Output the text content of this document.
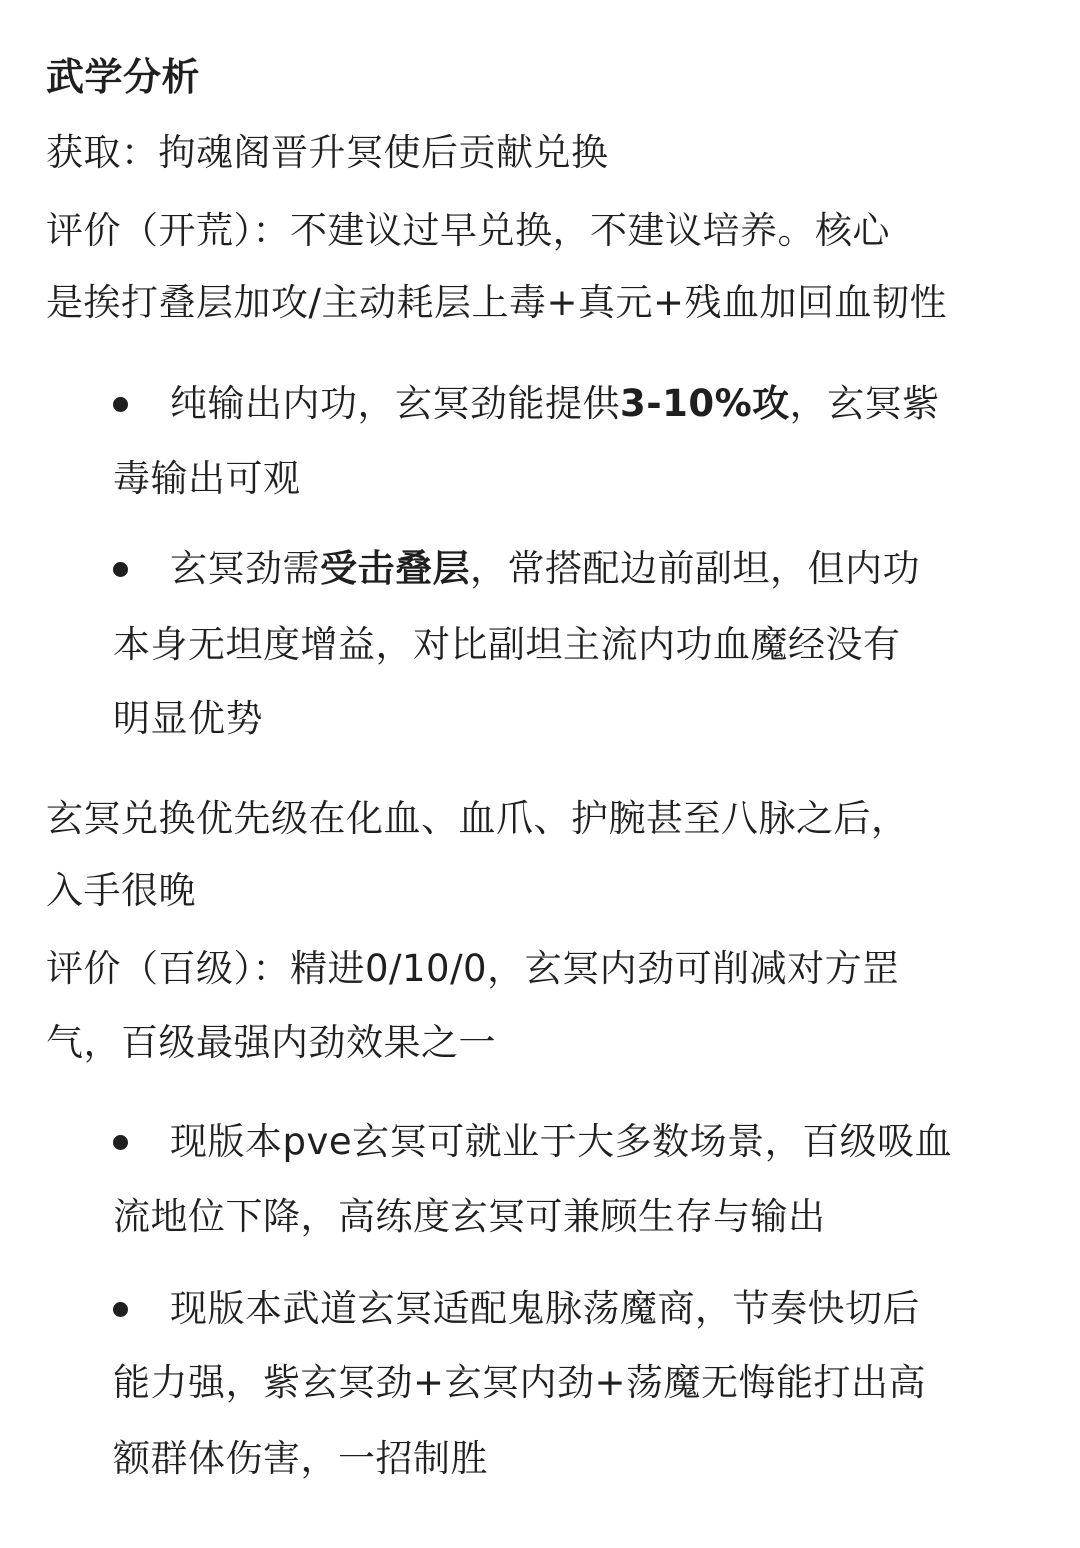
武学分析

获取：拘魂阁晋升冥使后贡献兑换

评价（开荒）：不建议过早兑换，不建议培养。核心

是挨打叠层加攻/主动耗层上毒+真元+残血加回血韧性

纯输出内功，玄冥劲能提供3-10%攻，玄冥紫

毒输出可观

玄冥劲需受击叠层，常搭配边前副坦，但内功

本身无坦度增益，对比副坦主流内功血魔经没有

明显优势

玄冥兑换优先级在化血、血爪、护腕甚至八脉之后，

入手很晚

评价（百级）：精进0/10/0，玄冥内劲可削减对方罡

气，百级最强内劲效果之一

现版本pve玄冥可就业于大多数场景，百级吸血

流地位下降，高练度玄冥可兼顾生存与输出

现版本武道玄冥适配鬼脉荡魔商，节奏快切后

能力强，紫玄冥劲+玄冥内劲+荡魔无悔能打出高

额群体伤害，一招制胜
